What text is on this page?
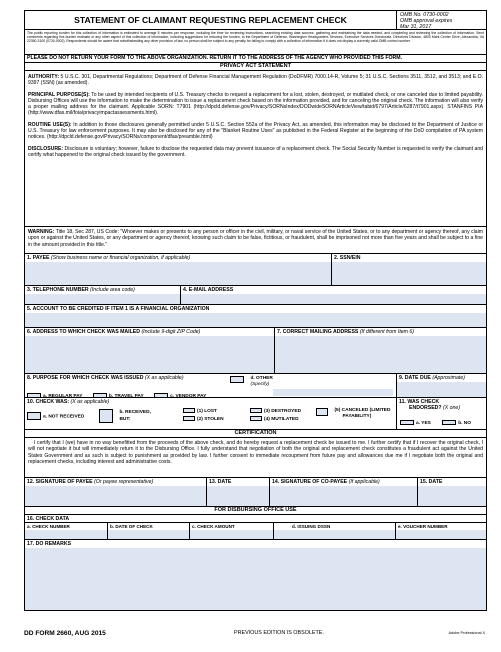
STATEMENT OF CLAIMANT REQUESTING REPLACEMENT CHECK	OMB No. 0730-0002
OMB approval expires
Mar 31, 2017
The public reporting burden for this collection of information is estimated to average 5 minutes per response, including the time for reviewing instructions, searching existing data sources, gathering and maintaining the data needed, and completing and reviewing the collection of information. Send comments regarding this burden estimate or any other aspect of this collection of information, including suggestions for reducing the burden, to the Department of Defense, Washington Headquarters Services, Executive Services Directorate, Directives Division, 4800 Mark Center Drive, Alexandria, VA 22350-3100 (0730-0002). Respondents should be aware that notwithstanding any other provision of law, no person shall be subject to any penalty for failing to comply with a collection of information if it does not display a currently valid OMB control number.
PLEASE DO NOT RETURN YOUR FORM TO THE ABOVE ORGANIZATION. RETURN IT TO THE ADDRESS OF THE AGENCY WHO PROVIDED THIS FORM.
PRIVACY ACT STATEMENT
AUTHORITY: 5 U.S.C. 301, Departmental Regulations; Department of Defense Financial Management Regulation (DoDFMR) 7000.14-R, Volume 5; 31 U.S.C. Sections 3511, 3512, and 3513; and E.O. 9397 (SSN) (as amended).
PRINCIPAL PURPOSE(S): To be used by intended recipients of U.S. Treasury checks to request a replacement for a lost, stolen, destroyed, or mutilated check, or one canceled due to limited payability. Disbursing Offices will use the information to make the determination to issue a replacement check based on the information provided, and for canceling the original check. The information will also verify a proper mailing address for the claimant. Applicable SORN: T7901 (http://dpcld.defense.gov/Privacy/SORNsIndex/DODwideSORNArticleView/tabid/6797/Article/6287/t7901.aspx). STANFINS PIA (http://www.dfas.mil/foia/privacyimpactassessments.html).
ROUTINE USE(S): In addition to those disclosures generally permitted under 5 U.S.C. Section 552a of the Privacy Act, as amended, this information may be disclosed to the Department of Justice or U.S. Treasury for law enforcement purposes. It may also be disclosed for any of the "Blanket Routine Uses" as published in the Federal Register at the beginning of the DoD compilation of PA system notices. (http://dpcld.defense.gov/Privacy/SORNs/component/dfas/preamble.html)
DISCLOSURE: Disclosure is voluntary; however, failure to disclose the requested data may prevent issuance of a replacement check. The Social Security Number is requested to verify the claimant and certify what happened to the original check issued by the government.
WARNING: Title 18, Sec 287, US Code: "Whoever makes or presents to any person or officer in the civil, military, or naval service of the United States, or to any department or agency thereof, any claim upon or against the United States, or any department or agency thereof, knowing such claim to be false, fictitious, or fraudulent, shall be imprisoned not more than five years and shall be subject to a fine in the amount provided in this title."
1. PAYEE (Show business name or financial organization, if applicable)	2. SSN/EIN
3. TELEPHONE NUMBER (Include area code)	4. E-MAIL ADDRESS
5. ACCOUNT TO BE CREDITED IF ITEM 1 IS A FINANCIAL ORGANIZATION
6. ADDRESS TO WHICH CHECK WAS MAILED (Include 9-digit ZIP Code)	7. CORRECT MAILING ADDRESS (If different from Item 6)
8. PURPOSE FOR WHICH CHECK WAS ISSUED (X as applicable)
a. REGULAR PAY	b. TRAVEL PAY	c. VENDOR PAY
d. OTHER
(Specify)
9. DATE DUE (Approximate)
10. CHECK WAS: (X as applicable)
a. NOT RECEIVED
b. RECEIVED,
BUT:
(1) LOST
(2) STOLEN
(3) DESTROYED
(4) MUTILATED
(5) CANCELED (LIMITED
PAYABILITY)
11. WAS CHECK
ENDORSED? (X one)
a. YES	b. NO
CERTIFICATION
I certify that I (we) have in no way benefitted from the proceeds of the above check, and do hereby request a replacement check be issued to me. I further certify that if I recover the original check, I will not negotiate it but will immediately return it to the Disbursing Office. I fully understand that negotiation of both the original and replacement check constitutes a fraudulent act against the United States Government and as such is subject to punishment as provided by law. I further consent to immediate recoupment from future pay and allowances due me if I negotiate both the original and replacement checks, including interest and administrative costs.
12. SIGNATURE OF PAYEE (Or payee representative)	13. DATE	14. SIGNATURE OF CO-PAYEE (If applicable)	15. DATE
FOR DISBURSING OFFICE USE
16. CHECK DATA
a. CHECK NUMBER	b. DATE OF CHECK	c. CHECK AMOUNT	d. ISSUING DSSN	e. VOUCHER NUMBER
17. DO REMARKS
DD FORM 2660, AUG 2015	PREVIOUS EDITION IS OBSOLETE.	Adobe Professional X
